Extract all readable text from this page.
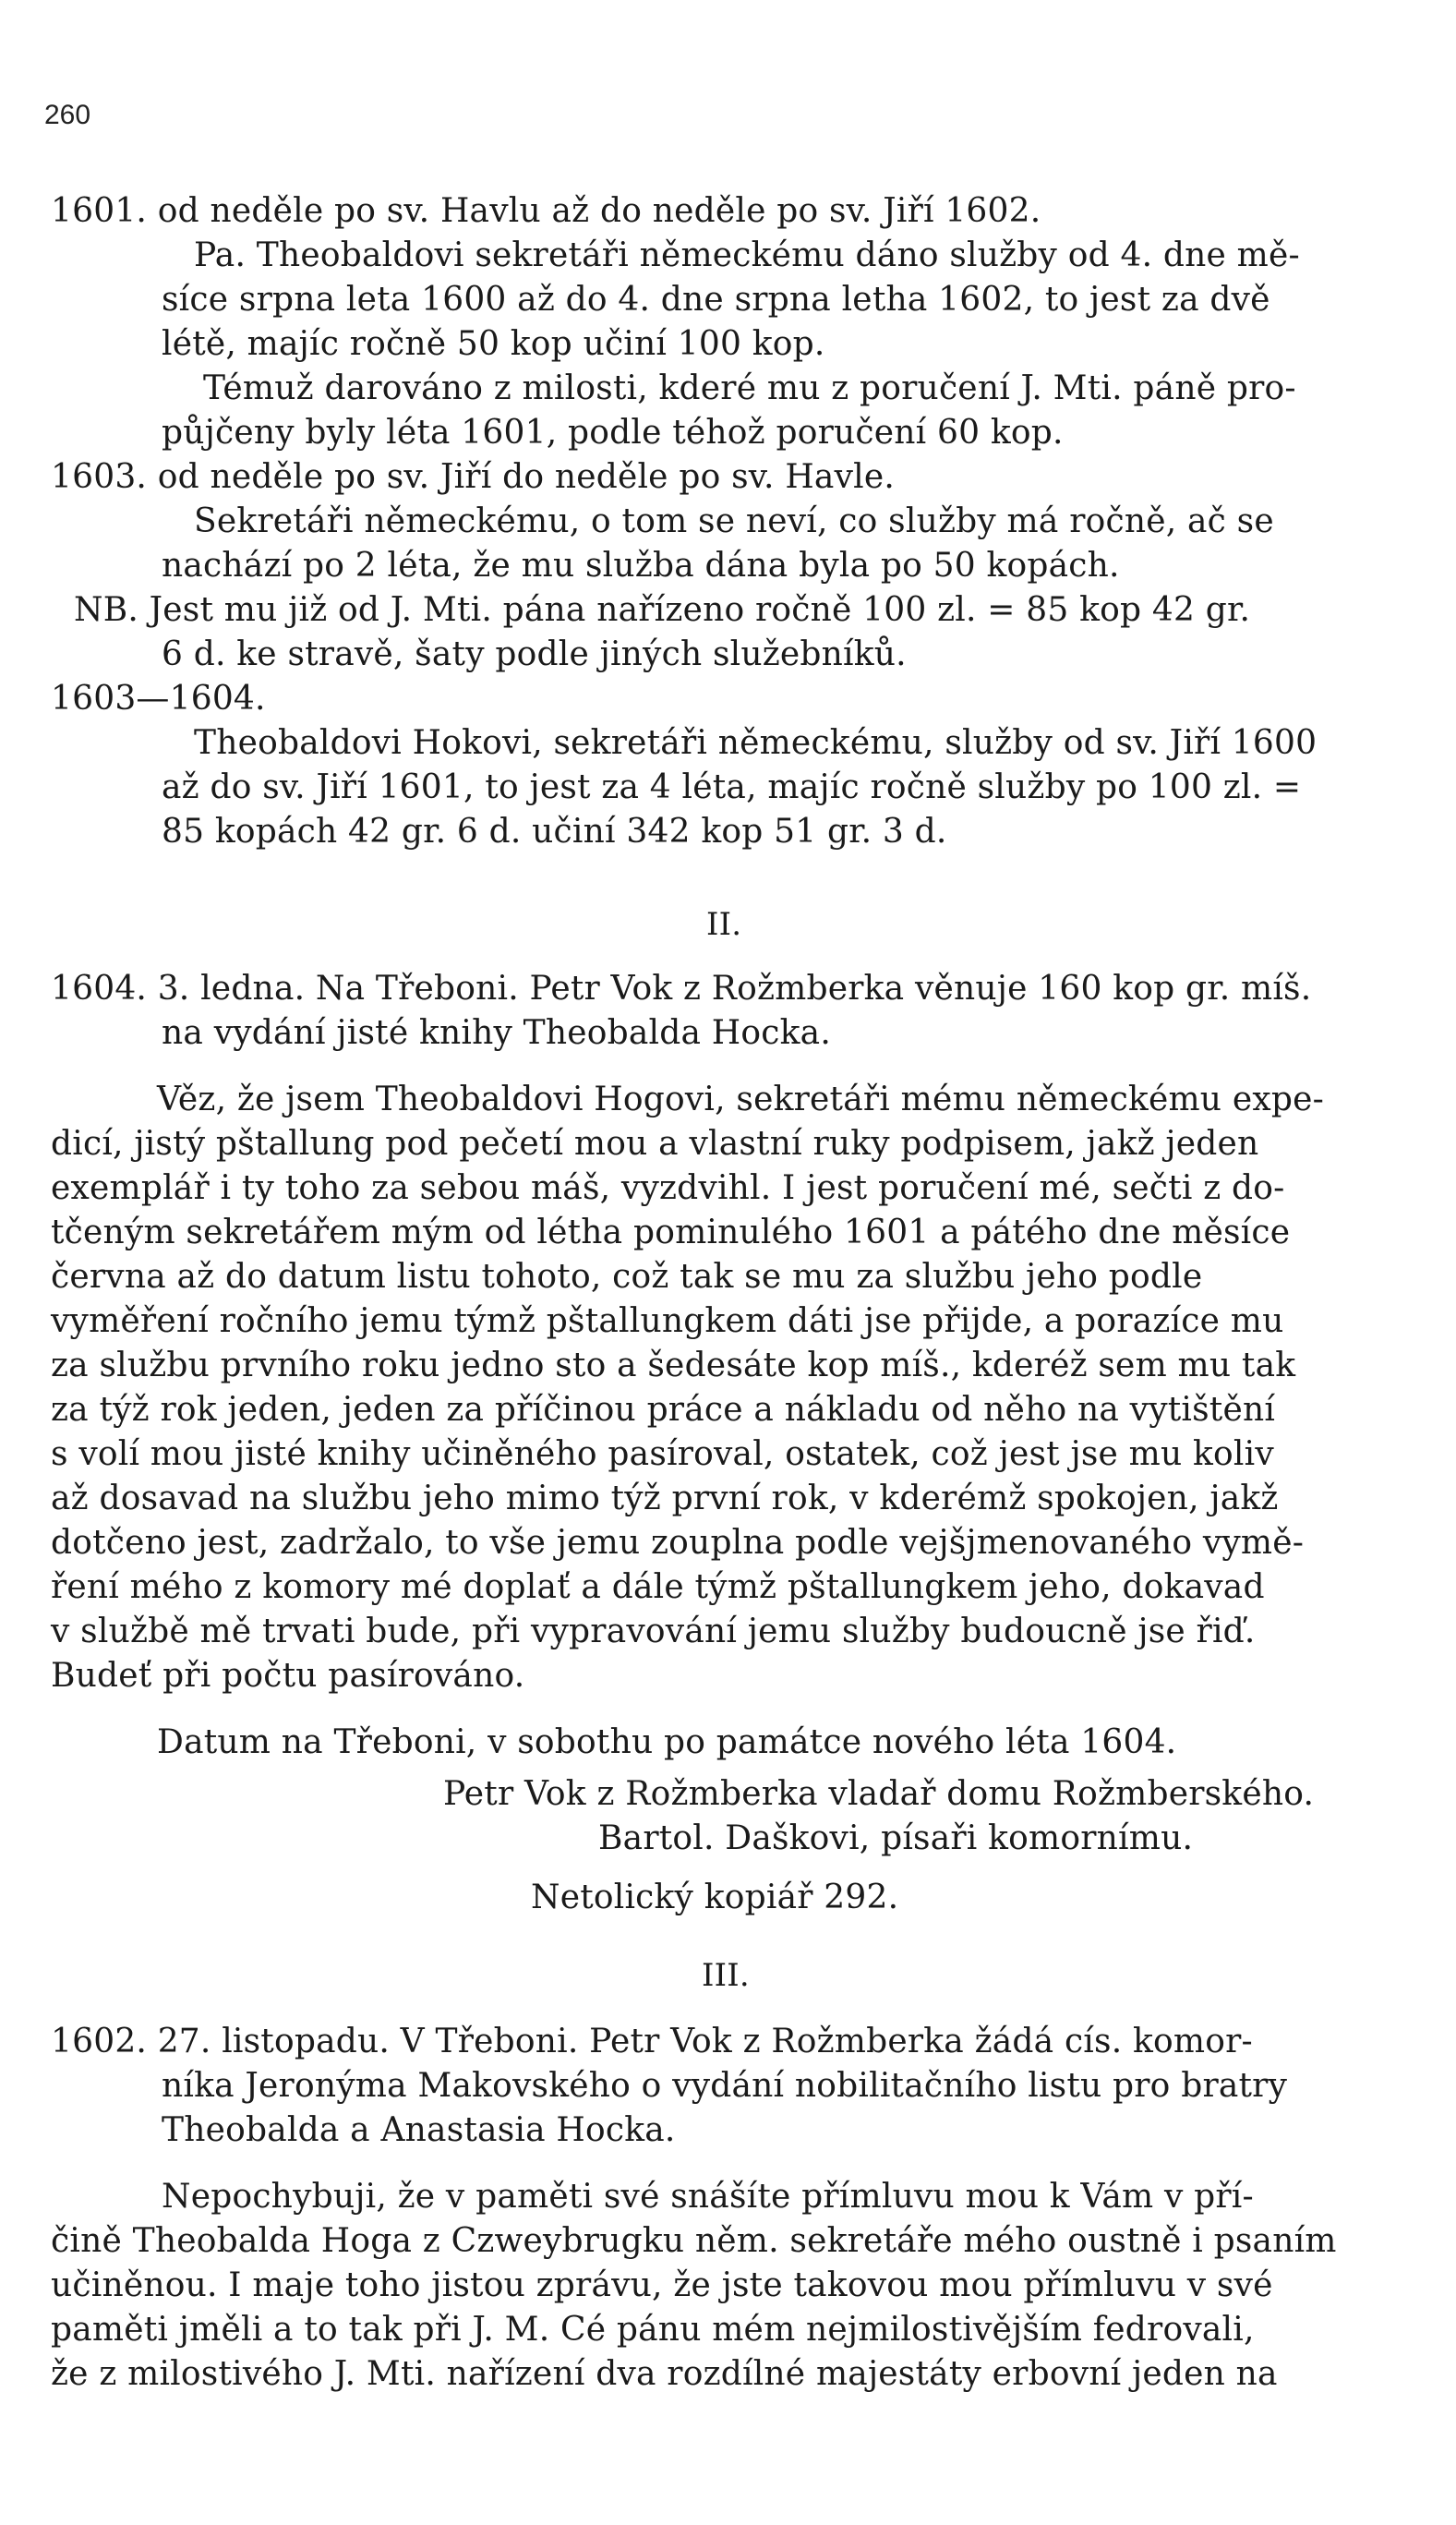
260
1601. od neděle po sv. Havlu až do neděle po sv. Jiří 1602.
Pa. Theobaldovi sekretáři německému dáno služby od 4. dne mě-
síce srpna leta 1600 až do 4. dne srpna letha 1602, to jest za dvě
létě, majíc ročně 50 kop učiní 100 kop.
Témuž darováno z milosti, kderé mu z poručení J. Mti. páně pro-
půjčeny byly léta 1601, podle téhož poručení 60 kop.
1603. od neděle po sv. Jiří do neděle po sv. Havle.
Sekretáři německému, o tom se neví, co služby má ročně, ač se
nachází po 2 léta, že mu služba dána byla po 50 kopách.
NB. Jest mu již od J. Mti. pána nařízeno ročně 100 zl. = 85 kop 42 gr.
6 d. ke stravě, šaty podle jiných služebníků.
1603—1604.
Theobaldovi Hokovi, sekretáři německému, služby od sv. Jiří 1600
až do sv. Jiří 1601, to jest za 4 léta, majíc ročně služby po 100 zl. =
85 kopách 42 gr. 6 d. učiní 342 kop 51 gr. 3 d.
II.
1604. 3. ledna. Na Třeboni. Petr Vok z Rožmberka věnuje 160 kop gr. míš.
na vydání jisté knihy Theobalda Hocka.
Věz, že jsem Theobaldovi Hogovi, sekretáři mému německému expe-
dicí, jistý pštallung pod pečetí mou a vlastní ruky podpisem, jakž jeden
exemplář i ty toho za sebou máš, vyzdvihl. I jest poručení mé, sečti z do-
tčeným sekretářem mým od létha pominulého 1601 a pátého dne měsíce
června až do datum listu tohoto, což tak se mu za službu jeho podle
vyměření ročního jemu týmž pštallungkem dáti jse přijde, a porazíce mu
za službu prvního roku jedno sto a šedesáte kop míš., kderéž sem mu tak
za týž rok jeden, jeden za příčinou práce a nákladu od něho na vytištění
s volí mou jisté knihy učiněného pasíroval, ostatek, což jest jse mu koliv
až dosavad na službu jeho mimo týž první rok, v kderémž spokojen, jakž
dotčeno jest, zadržalo, to vše jemu zouplna podle vejšjmenovaného vymě-
ření mého z komory mé doplať a dále týmž pštallungkem jeho, dokavad
v službě mě trvati bude, při vypravování jemu služby budoucně jse řiď.
Budeť při počtu pasírováno.
Datum na Třeboni, v sobothu po památce nového léta 1604.
Petr Vok z Rožmberka vladař domu Rožmberského.
Bartol. Daškovi, písaři komornímu.
Netolický kopiář 292.
III.
1602. 27. listopadu. V Třeboni. Petr Vok z Rožmberka žádá cís. komor-
níka Jeronýma Makovského o vydání nobilitačního listu pro bratry
Theobalda a Anastasia Hocka.
Nepochybuji, že v paměti své snášíte přímluvu mou k Vám v pří-
čině Theobalda Hoga z Czweybrugku něm. sekretáře mého oustně i psaním
učiněnou. I maje toho jistou zprávu, že jste takovou mou přímluvu v své
paměti jměli a to tak při J. M. Cé pánu mém nejmilostivějším fedrovali,
že z milostivého J. Mti. nařízení dva rozdílné majestáty erbovní jeden na
